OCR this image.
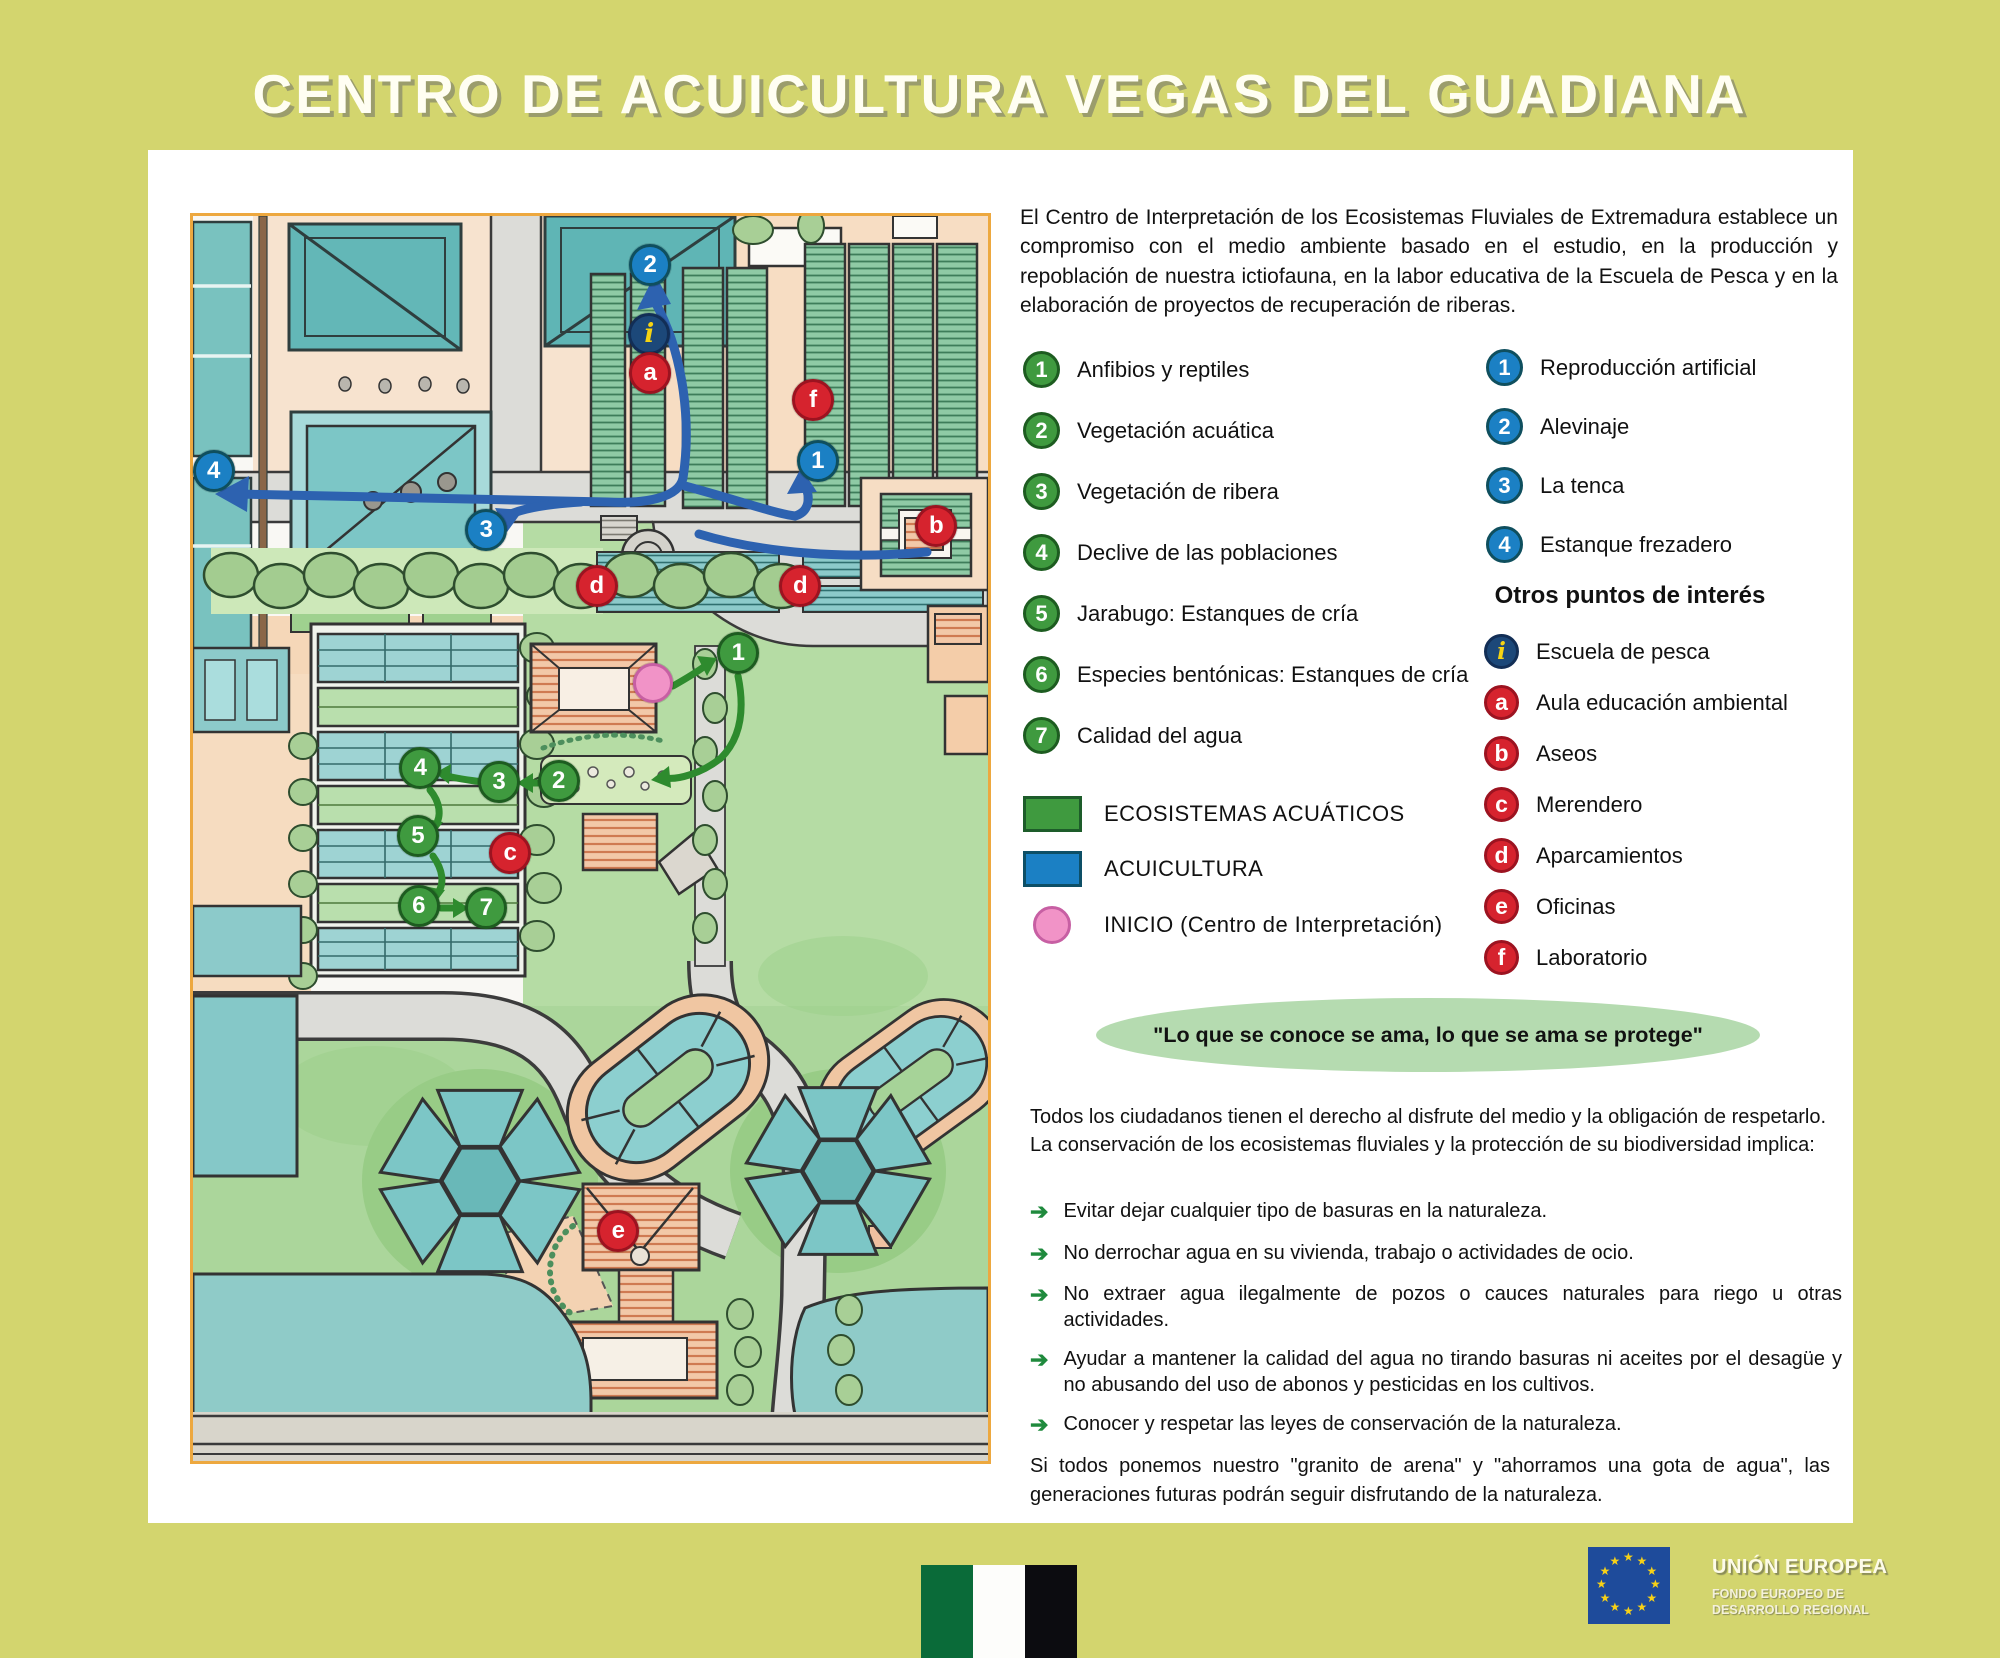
CENTRO DE ACUICULTURA VEGAS DEL GUADIANA
2
i
a
f
1
4
3
d	d
b
1
4
3 2
5
c
6 7
e
El Centro de Interpretación de los Ecosistemas Fluviales de Extremadura establece un compromiso con el medio ambiente basado en el estudio, en la producción y repoblación de nuestra ictiofauna, en la labor educativa de la Escuela de Pesca y en la elaboración de proyectos de recuperación de riberas.
1	Anfibios y reptiles
2	Vegetación acuática
3	Vegetación de ribera
4	Declive de las poblaciones
5	Jarabugo: Estanques de cría
6	Especies bentónicas: Estanques de cría
7	Calidad del agua
1	Reproducción artificial
2	Alevinaje
3	La tenca
4	Estanque frezadero
Otros puntos de interés
i	Escuela de pesca
a	Aula educación ambiental
b	Aseos
c	Merendero
d	Aparcamientos
e	Oficinas
f	Laboratorio
ECOSISTEMAS ACUÁTICOS
ACUICULTURA
INICIO (Centro de Interpretación)
"Lo que se conoce se ama, lo que se ama se protege"
Todos los ciudadanos tienen el derecho al disfrute del medio y la obligación de respetarlo. La conservación de los ecosistemas fluviales y la protección de su biodiversidad implica:
➔ Evitar dejar cualquier tipo de basuras en la naturaleza.
➔ No derrochar agua en su vivienda, trabajo o actividades de ocio.
➔ No extraer agua ilegalmente de pozos o cauces naturales para riego u otras actividades.
➔ Ayudar a mantener la calidad del agua no tirando basuras ni aceites por el desagüe y no abusando del uso de abonos y pesticidas en los cultivos.
➔ Conocer y respetar las leyes de conservación de la naturaleza.
Si todos ponemos nuestro "granito de arena" y "ahorramos una gota de agua", las generaciones futuras podrán seguir disfrutando de la naturaleza.
★ ★
★
★
★
★
★
★
★
★
★
★	UNIÓN EUROPEA
FONDO EUROPEO DE
DESARROLLO REGIONAL
